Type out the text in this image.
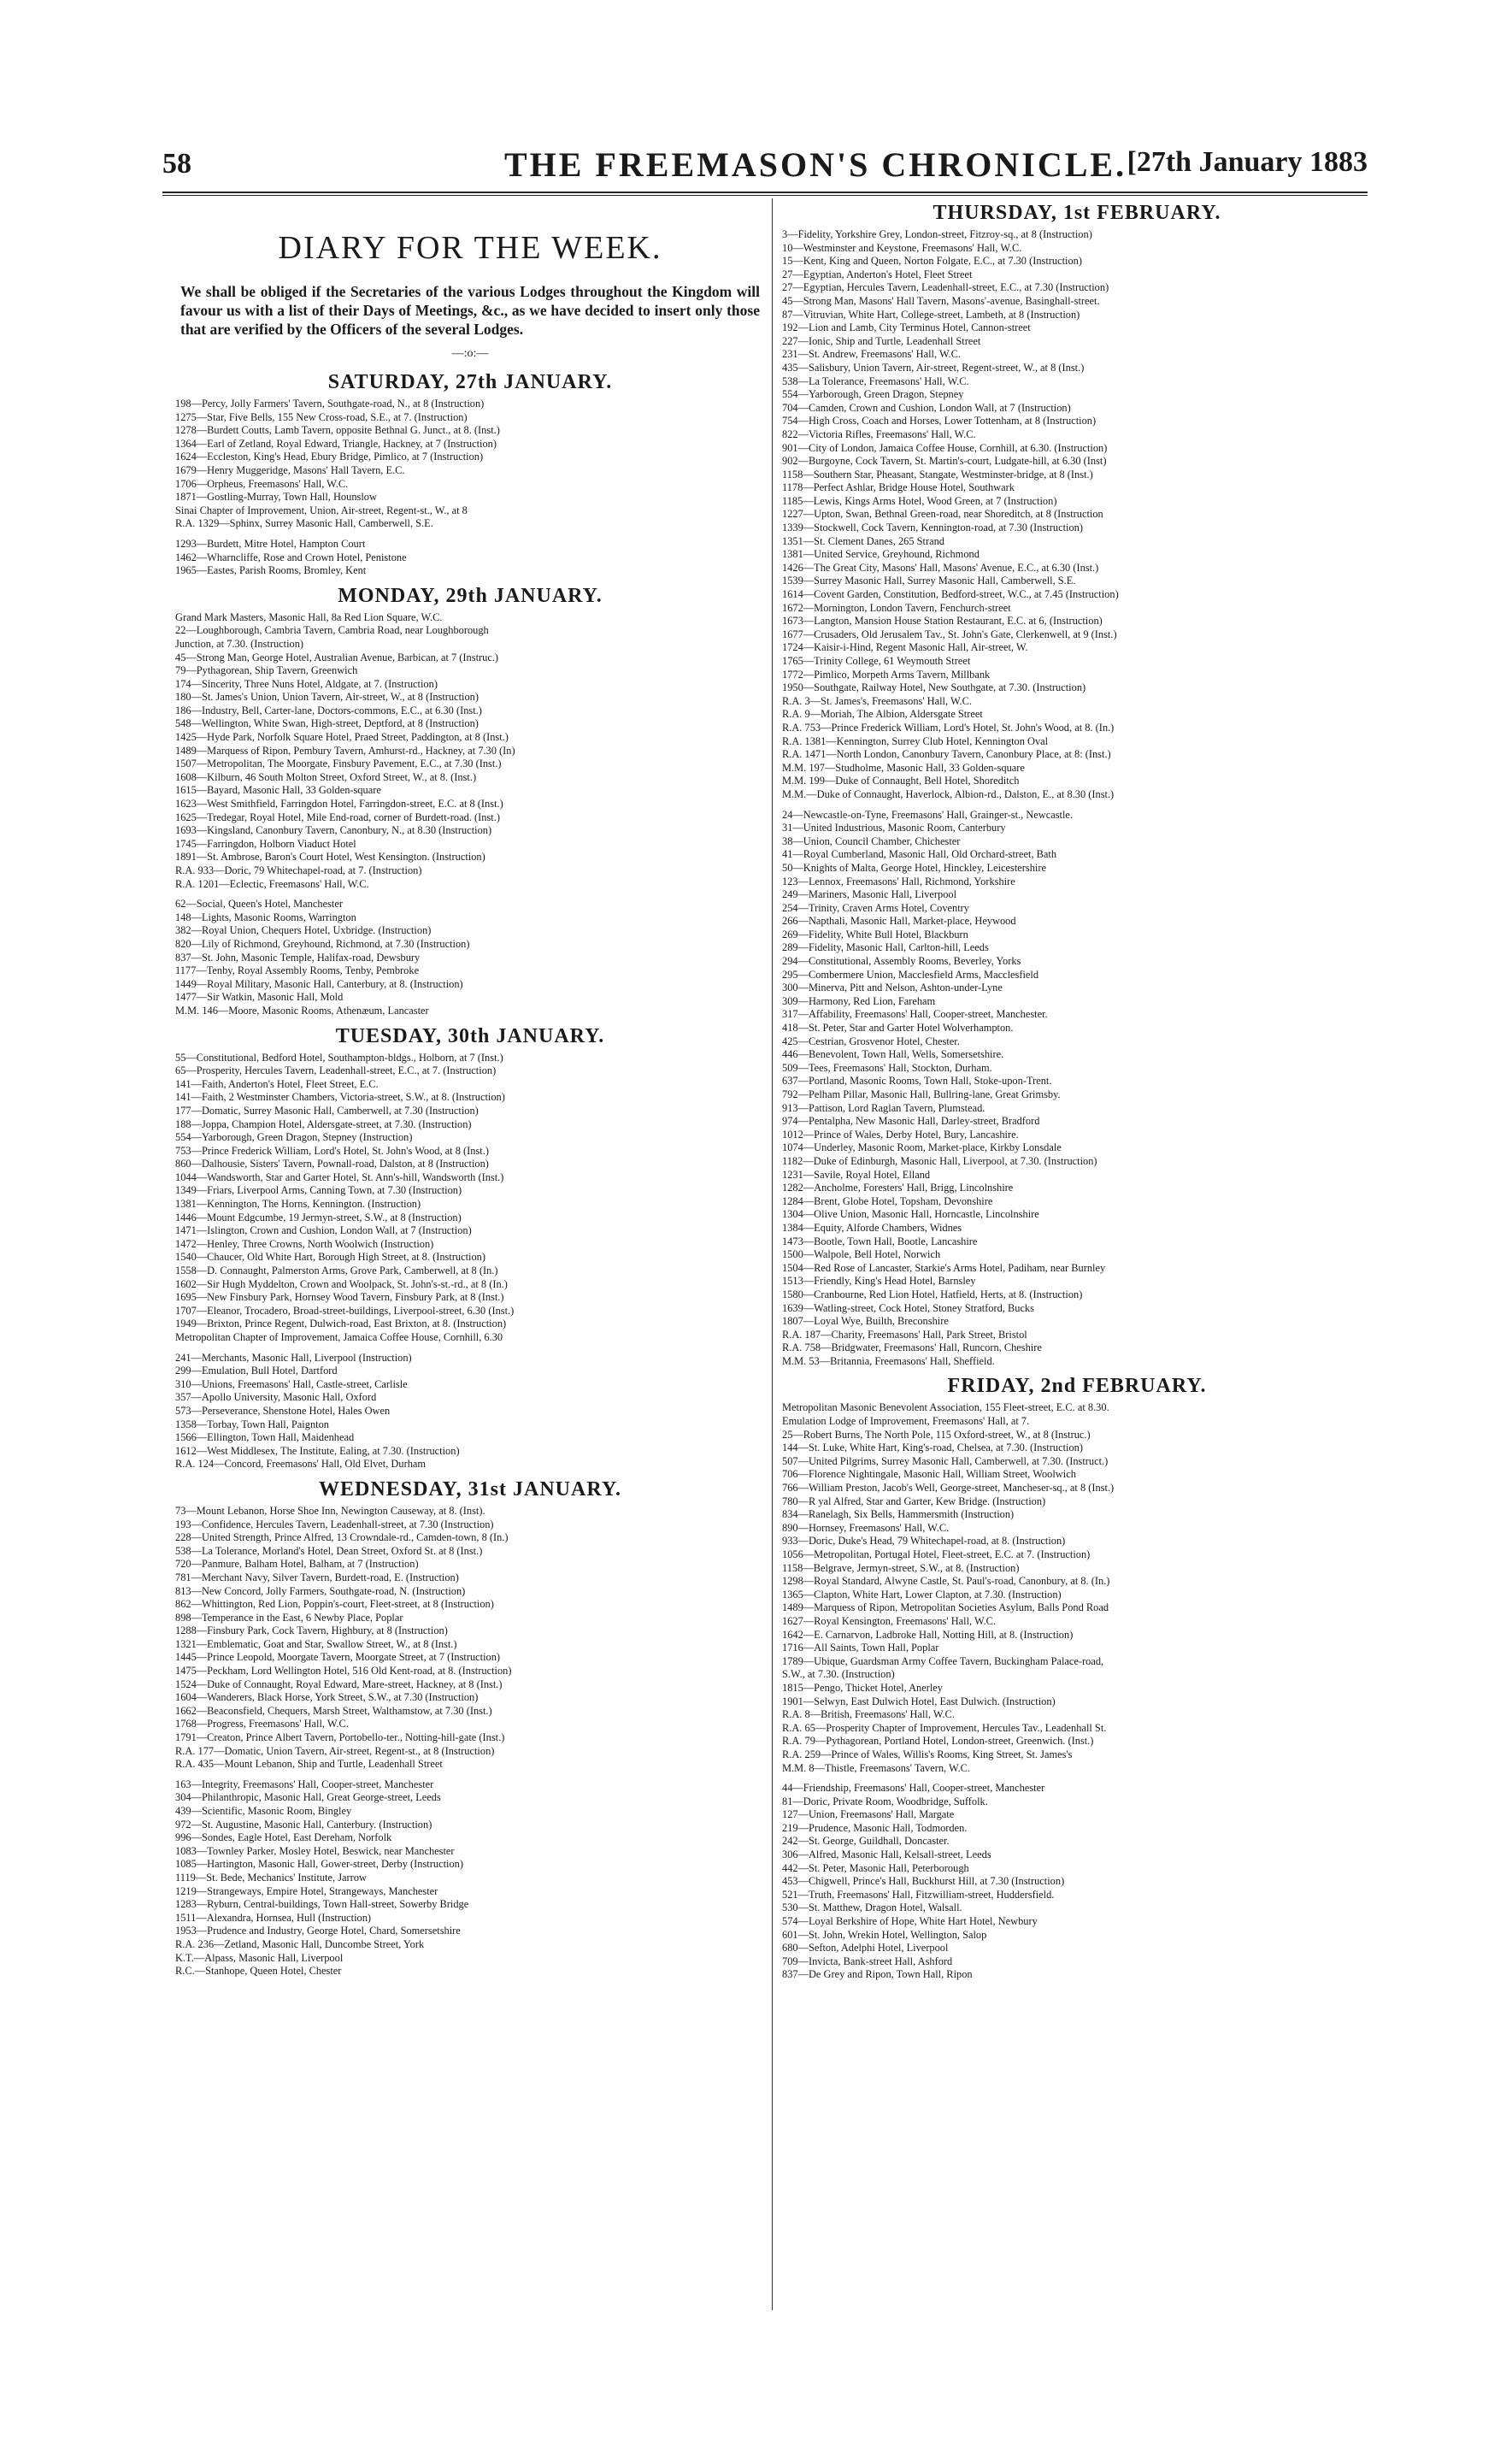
58	THE FREEMASON'S CHRONICLE. [27th January 1883
DIARY FOR THE WEEK.

We shall be obliged if the Secretaries of the various Lodges throughout the Kingdom will favour us with a list of their Days of Meetings, &c., as we have decided to insert only those that are verified by the Officers of the several Lodges.

—:o:—
SATURDAY, 27th JANUARY.
198—Percy, Jolly Farmers' Tavern, Southgate-road, N., at 8 (Instruction)
1275—Star, Five Bells, 155 New Cross-road, S.E., at 7. (Instruction)
1278—Burdett Coutts, Lamb Tavern, opposite Bethnal G. Junct., at 8. (Inst.)
1364—Earl of Zetland, Royal Edward, Triangle, Hackney, at 7 (Instruction)
1624—Eccleston, King's Head, Ebury Bridge, Pimlico, at 7 (Instruction)
1679—Henry Muggeridge, Masons' Hall Tavern, E.C.
1706—Orpheus, Freemasons' Hall, W.C.
1871—Gostling-Murray, Town Hall, Hounslow
Sinai Chapter of Improvement, Union, Air-street, Regent-st., W., at 8
R.A. 1329—Sphinx, Surrey Masonic Hall, Camberwell, S.E.
1293—Burdett, Mitre Hotel, Hampton Court
1462—Wharncliffe, Rose and Crown Hotel, Penistone
1965—Eastes, Parish Rooms, Bromley, Kent
MONDAY, 29th JANUARY.
Grand Mark Masters, Masonic Hall, 8a Red Lion Square, W.C.
22—Loughborough, Cambria Tavern, Cambria Road, near Loughborough
Junction, at 7.30. (Instruction)
45—Strong Man, George Hotel, Australian Avenue, Barbican, at 7 (Instruc.)
79—Pythagorean, Ship Tavern, Greenwich
174—Sincerity, Three Nuns Hotel, Aldgate, at 7. (Instruction)
180—St. James's Union, Union Tavern, Air-street, W., at 8 (Instruction)
186—Industry, Bell, Carter-lane, Doctors-commons, E.C., at 6.30 (Inst.)
548—Wellington, White Swan, High-street, Deptford, at 8 (Instruction)
1425—Hyde Park, Norfolk Square Hotel, Praed Street, Paddington, at 8 (Inst.)
1489—Marquess of Ripon, Pembury Tavern, Amhurst-rd., Hackney, at 7.30 (In)
1507—Metropolitan, The Moorgate, Finsbury Pavement, E.C., at 7.30 (Inst.)
1608—Kilburn, 46 South Molton Street, Oxford Street, W., at 8. (Inst.)
1615—Bayard, Masonic Hall, 33 Golden-square
1623—West Smithfield, Farringdon Hotel, Farringdon-street, E.C. at 8 (Inst.)
1625—Tredegar, Royal Hotel, Mile End-road, corner of Burdett-road. (Inst.)
1693—Kingsland, Canonbury Tavern, Canonbury, N., at 8.30 (Instruction)
1745—Farringdon, Holborn Viaduct Hotel
1891—St. Ambrose, Baron's Court Hotel, West Kensington. (Instruction)
R.A. 933—Doric, 79 Whitechapel-road, at 7. (Instruction)
R.A. 1201—Eclectic, Freemasons' Hall, W.C.
62—Social, Queen's Hotel, Manchester
148—Lights, Masonic Rooms, Warrington
382—Royal Union, Chequers Hotel, Uxbridge. (Instruction)
820—Lily of Richmond, Greyhound, Richmond, at 7.30 (Instruction)
837—St. John, Masonic Temple, Halifax-road, Dewsbury
1177—Tenby, Royal Assembly Rooms, Tenby, Pembroke
1449—Royal Military, Masonic Hall, Canterbury, at 8. (Instruction)
1477—Sir Watkin, Masonic Hall, Mold
M.M. 146—Moore, Masonic Rooms, Athenæum, Lancaster
TUESDAY, 30th JANUARY.
55—Constitutional, Bedford Hotel, Southampton-bldgs., Holborn, at 7 (Inst.)
65—Prosperity, Hercules Tavern, Leadenhall-street, E.C., at 7. (Instruction)
141—Faith, Anderton's Hotel, Fleet Street, E.C.
141—Faith, 2 Westminster Chambers, Victoria-street, S.W., at 8. (Instruction)
177—Domatic, Surrey Masonic Hall, Camberwell, at 7.30 (Instruction)
188—Joppa, Champion Hotel, Aldersgate-street, at 7.30. (Instruction)
554—Yarborough, Green Dragon, Stepney (Instruction)
753—Prince Frederick William, Lord's Hotel, St. John's Wood, at 8 (Inst.)
860—Dalhousie, Sisters' Tavern, Pownall-road, Dalston, at 8 (Instruction)
1044—Wandsworth, Star and Garter Hotel, St. Ann's-hill, Wandsworth (Inst.)
1349—Friars, Liverpool Arms, Canning Town, at 7.30 (Instruction)
1381—Kennington, The Horns, Kennington. (Instruction)
1446—Mount Edgcumbe, 19 Jermyn-street, S.W., at 8 (Instruction)
1471—Islington, Crown and Cushion, London Wall, at 7 (Instruction)
1472—Henley, Three Crowns, North Woolwich (Instruction)
1540—Chaucer, Old White Hart, Borough High Street, at 8. (Instruction)
1558—D. Connaught, Palmerston Arms, Grove Park, Camberwell, at 8 (In.)
1602—Sir Hugh Myddelton, Crown and Woolpack, St. John's-st.-rd., at 8 (In.)
1695—New Finsbury Park, Hornsey Wood Tavern, Finsbury Park, at 8 (Inst.)
1707—Eleanor, Trocadero, Broad-street-buildings, Liverpool-street, 6.30 (Inst.)
1949—Brixton, Prince Regent, Dulwich-road, East Brixton, at 8. (Instruction)
Metropolitan Chapter of Improvement, Jamaica Coffee House, Cornhill, 6.30
241—Merchants, Masonic Hall, Liverpool (Instruction)
299—Emulation, Bull Hotel, Dartford
310—Unions, Freemasons' Hall, Castle-street, Carlisle
357—Apollo University, Masonic Hall, Oxford
573—Perseverance, Shenstone Hotel, Hales Owen
1358—Torbay, Town Hall, Paignton
1566—Ellington, Town Hall, Maidenhead
1612—West Middlesex, The Institute, Ealing, at 7.30. (Instruction)
R.A. 124—Concord, Freemasons' Hall, Old Elvet, Durham
WEDNESDAY, 31st JANUARY.
73—Mount Lebanon, Horse Shoe Inn, Newington Causeway, at 8. (Inst).
193—Confidence, Hercules Tavern, Leadenhall-street, at 7.30 (Instruction)
228—United Strength, Prince Alfred, 13 Crowndale-rd., Camden-town, 8 (In.)
538—La Tolerance, Morland's Hotel, Dean Street, Oxford St. at 8 (Inst.)
720—Panmure, Balham Hotel, Balham, at 7 (Instruction)
781—Merchant Navy, Silver Tavern, Burdett-road, E. (Instruction)
813—New Concord, Jolly Farmers, Southgate-road, N. (Instruction)
862—Whittington, Red Lion, Poppin's-court, Fleet-street, at 8 (Instruction)
898—Temperance in the East, 6 Newby Place, Poplar
1288—Finsbury Park, Cock Tavern, Highbury, at 8 (Instruction)
1321—Emblematic, Goat and Star, Swallow Street, W., at 8 (Inst.)
1445—Prince Leopold, Moorgate Tavern, Moorgate Street, at 7 (Instruction)
1475—Peckham, Lord Wellington Hotel, 516 Old Kent-road, at 8. (Instruction)
1524—Duke of Connaught, Royal Edward, Mare-street, Hackney, at 8 (Inst.)
1604—Wanderers, Black Horse, York Street, S.W., at 7.30 (Instruction)
1662—Beaconsfield, Chequers, Marsh Street, Walthamstow, at 7.30 (Inst.)
1768—Progress, Freemasons' Hall, W.C.
1791—Creaton, Prince Albert Tavern, Portobello-ter., Notting-hill-gate (Inst.)
R.A. 177—Domatic, Union Tavern, Air-street, Regent-st., at 8 (Instruction)
R.A. 435—Mount Lebanon, Ship and Turtle, Leadenhall Street
163—Integrity, Freemasons' Hall, Cooper-street, Manchester
304—Philanthropic, Masonic Hall, Great George-street, Leeds
439—Scientific, Masonic Room, Bingley
972—St. Augustine, Masonic Hall, Canterbury. (Instruction)
996—Sondes, Eagle Hotel, East Dereham, Norfolk
1083—Townley Parker, Mosley Hotel, Beswick, near Manchester
1085—Hartington, Masonic Hall, Gower-street, Derby (Instruction)
1119—St. Bede, Mechanics' Institute, Jarrow
1219—Strangeways, Empire Hotel, Strangeways, Manchester
1283—Ryburn, Central-buildings, Town Hall-street, Sowerby Bridge
1511—Alexandra, Hornsea, Hull (Instruction)
1953—Prudence and Industry, George Hotel, Chard, Somersetshire
R.A. 236—Zetland, Masonic Hall, Duncombe Street, York
K.T.—Alpass, Masonic Hall, Liverpool
R.C.—Stanhope, Queen Hotel, Chester
THURSDAY, 1st FEBRUARY.
3—Fidelity, Yorkshire Grey, London-street, Fitzroy-sq., at 8 (Instruction)
10—Westminster and Keystone, Freemasons' Hall, W.C.
15—Kent, King and Queen, Norton Folgate, E.C., at 7.30 (Instruction)
27—Egyptian, Anderton's Hotel, Fleet Street
27—Egyptian, Hercules Tavern, Leadenhall-street, E.C., at 7.30 (Instruction)
45—Strong Man, Masons' Hall Tavern, Masons'-avenue, Basinghall-street.
87—Vitruvian, White Hart, College-street, Lambeth, at 8 (Instruction)
192—Lion and Lamb, City Terminus Hotel, Cannon-street
227—Ionic, Ship and Turtle, Leadenhall Street
231—St. Andrew, Freemasons' Hall, W.C.
435—Salisbury, Union Tavern, Air-street, Regent-street, W., at 8 (Inst.)
538—La Tolerance, Freemasons' Hall, W.C.
554—Yarborough, Green Dragon, Stepney
704—Camden, Crown and Cushion, London Wall, at 7 (Instruction)
754—High Cross, Coach and Horses, Lower Tottenham, at 8 (Instruction)
822—Victoria Rifles, Freemasons' Hall, W.C.
901—City of London, Jamaica Coffee House, Cornhill, at 6.30. (Instruction)
902—Burgoyne, Cock Tavern, St. Martin's-court, Ludgate-hill, at 6.30 (Inst)
1158—Southern Star, Pheasant, Stangate, Westminster-bridge, at 8 (Inst.)
1178—Perfect Ashlar, Bridge House Hotel, Southwark
1185—Lewis, Kings Arms Hotel, Wood Green, at 7 (Instruction)
1227—Upton, Swan, Bethnal Green-road, near Shoreditch, at 8 (Instruction
1339—Stockwell, Cock Tavern, Kennington-road, at 7.30 (Instruction)
1351—St. Clement Danes, 265 Strand
1381—United Service, Greyhound, Richmond
1426—The Great City, Masons' Hall, Masons' Avenue, E.C., at 6.30 (Inst.)
1539—Surrey Masonic Hall, Surrey Masonic Hall, Camberwell, S.E.
1614—Covent Garden, Constitution, Bedford-street, W.C., at 7.45 (Instruction)
1672—Mornington, London Tavern, Fenchurch-street
1673—Langton, Mansion House Station Restaurant, E.C. at 6, (Instruction)
1677—Crusaders, Old Jerusalem Tav., St. John's Gate, Clerkenwell, at 9 (Inst.)
1724—Kaisir-i-Hind, Regent Masonic Hall, Air-street, W.
1765—Trinity College, 61 Weymouth Street
1772—Pimlico, Morpeth Arms Tavern, Millbank
1950—Southgate, Railway Hotel, New Southgate, at 7.30. (Instruction)
R.A. 3—St. James's, Freemasons' Hall, W.C.
R.A. 9—Moriah, The Albion, Aldersgate Street
R.A. 753—Prince Frederick William, Lord's Hotel, St. John's Wood, at 8. (In.)
R.A. 1381—Kennington, Surrey Club Hotel, Kennington Oval
R.A. 1471—North London, Canonbury Tavern, Canonbury Place, at 8: (Inst.)
M.M. 197—Studholme, Masonic Hall, 33 Golden-square
M.M. 199—Duke of Connaught, Bell Hotel, Shoreditch
M.M.—Duke of Connaught, Haverlock, Albion-rd., Dalston, E., at 8.30 (Inst.)
24—Newcastle-on-Tyne, Freemasons' Hall, Grainger-st., Newcastle.
31—United Industrious, Masonic Room, Canterbury
38—Union, Council Chamber, Chichester
41—Royal Cumberland, Masonic Hall, Old Orchard-street, Bath
50—Knights of Malta, George Hotel, Hinckley, Leicestershire
123—Lennox, Freemasons' Hall, Richmond, Yorkshire
249—Mariners, Masonic Hall, Liverpool
254—Trinity, Craven Arms Hotel, Coventry
266—Napthali, Masonic Hall, Market-place, Heywood
269—Fidelity, White Bull Hotel, Blackburn
289—Fidelity, Masonic Hall, Carlton-hill, Leeds
294—Constitutional, Assembly Rooms, Beverley, Yorks
295—Combermere Union, Macclesfield Arms, Macclesfield
300—Minerva, Pitt and Nelson, Ashton-under-Lyne
309—Harmony, Red Lion, Fareham
317—Affability, Freemasons' Hall, Cooper-street, Manchester.
418—St. Peter, Star and Garter Hotel Wolverhampton.
425—Cestrian, Grosvenor Hotel, Chester.
446—Benevolent, Town Hall, Wells, Somersetshire.
509—Tees, Freemasons' Hall, Stockton, Durham.
637—Portland, Masonic Rooms, Town Hall, Stoke-upon-Trent.
792—Pelham Pillar, Masonic Hall, Bullring-lane, Great Grimsby.
913—Pattison, Lord Raglan Tavern, Plumstead.
974—Pentalpha, New Masonic Hall, Darley-street, Bradford
1012—Prince of Wales, Derby Hotel, Bury, Lancashire.
1074—Underley, Masonic Room, Market-place, Kirkby Lonsdale
1182—Duke of Edinburgh, Masonic Hall, Liverpool, at 7.30. (Instruction)
1231—Savile, Royal Hotel, Elland
1282—Ancholme, Foresters' Hall, Brigg, Lincolnshire
1284—Brent, Globe Hotel, Topsham, Devonshire
1304—Olive Union, Masonic Hall, Horncastle, Lincolnshire
1384—Equity, Alforde Chambers, Widnes
1473—Bootle, Town Hall, Bootle, Lancashire
1500—Walpole, Bell Hotel, Norwich
1504—Red Rose of Lancaster, Starkie's Arms Hotel, Padiham, near Burnley
1513—Friendly, King's Head Hotel, Barnsley
1580—Cranbourne, Red Lion Hotel, Hatfield, Herts, at 8. (Instruction)
1639—Watling-street, Cock Hotel, Stoney Stratford, Bucks
1807—Loyal Wye, Builth, Breconshire
R.A. 187—Charity, Freemasons' Hall, Park Street, Bristol
R.A. 758—Bridgwater, Freemasons' Hall, Runcorn, Cheshire
M.M. 53—Britannia, Freemasons' Hall, Sheffield.
FRIDAY, 2nd FEBRUARY.
Metropolitan Masonic Benevolent Association, 155 Fleet-street, E.C. at 8.30.
Emulation Lodge of Improvement, Freemasons' Hall, at 7.
25—Robert Burns, The North Pole, 115 Oxford-street, W., at 8 (Instruc.)
144—St. Luke, White Hart, King's-road, Chelsea, at 7.30. (Instruction)
507—United Pilgrims, Surrey Masonic Hall, Camberwell, at 7.30. (Instruct.)
706—Florence Nightingale, Masonic Hall, William Street, Woolwich
766—William Preston, Jacob's Well, George-street, Mancheser-sq., at 8 (Inst.)
780—R yal Alfred, Star and Garter, Kew Bridge. (Instruction)
834—Ranelagh, Six Bells, Hammersmith (Instruction)
890—Hornsey, Freemasons' Hall, W.C.
933—Doric, Duke's Head, 79 Whitechapel-road, at 8. (Instruction)
1056—Metropolitan, Portugal Hotel, Fleet-street, E.C. at 7. (Instruction)
1158—Belgrave, Jermyn-street, S.W., at 8. (Instruction)
1298—Royal Standard, Alwyne Castle, St. Paul's-road, Canonbury, at 8. (In.)
1365—Clapton, White Hart, Lower Clapton, at 7.30. (Instruction)
1489—Marquess of Ripon, Metropolitan Societies Asylum, Balls Pond Road
1627—Royal Kensington, Freemasons' Hall, W.C.
1642—E. Carnarvon, Ladbroke Hall, Notting Hill, at 8. (Instruction)
1716—All Saints, Town Hall, Poplar
1789—Ubique, Guardsman Army Coffee Tavern, Buckingham Palace-road,
S.W., at 7.30. (Instruction)
1815—Pengo, Thicket Hotel, Anerley
1901—Selwyn, East Dulwich Hotel, East Dulwich. (Instruction)
R.A. 8—British, Freemasons' Hall, W.C.
R.A. 65—Prosperity Chapter of Improvement, Hercules Tav., Leadenhall St.
R.A. 79—Pythagorean, Portland Hotel, London-street, Greenwich. (Inst.)
R.A. 259—Prince of Wales, Willis's Rooms, King Street, St. James's
M.M. 8—Thistle, Freemasons' Tavern, W.C.
44—Friendship, Freemasons' Hall, Cooper-street, Manchester
81—Doric, Private Room, Woodbridge, Suffolk.
127—Union, Freemasons' Hall, Margate
219—Prudence, Masonic Hall, Todmorden.
242—St. George, Guildhall, Doncaster.
306—Alfred, Masonic Hall, Kelsall-street, Leeds
442—St. Peter, Masonic Hall, Peterborough
453—Chigwell, Prince's Hall, Buckhurst Hill, at 7.30 (Instruction)
521—Truth, Freemasons' Hall, Fitzwilliam-street, Huddersfield.
530—St. Matthew, Dragon Hotel, Walsall.
574—Loyal Berkshire of Hope, White Hart Hotel, Newbury
601—St. John, Wrekin Hotel, Wellington, Salop
680—Sefton, Adelphi Hotel, Liverpool
709—Invicta, Bank-street Hall, Ashford
837—De Grey and Ripon, Town Hall, Ripon
